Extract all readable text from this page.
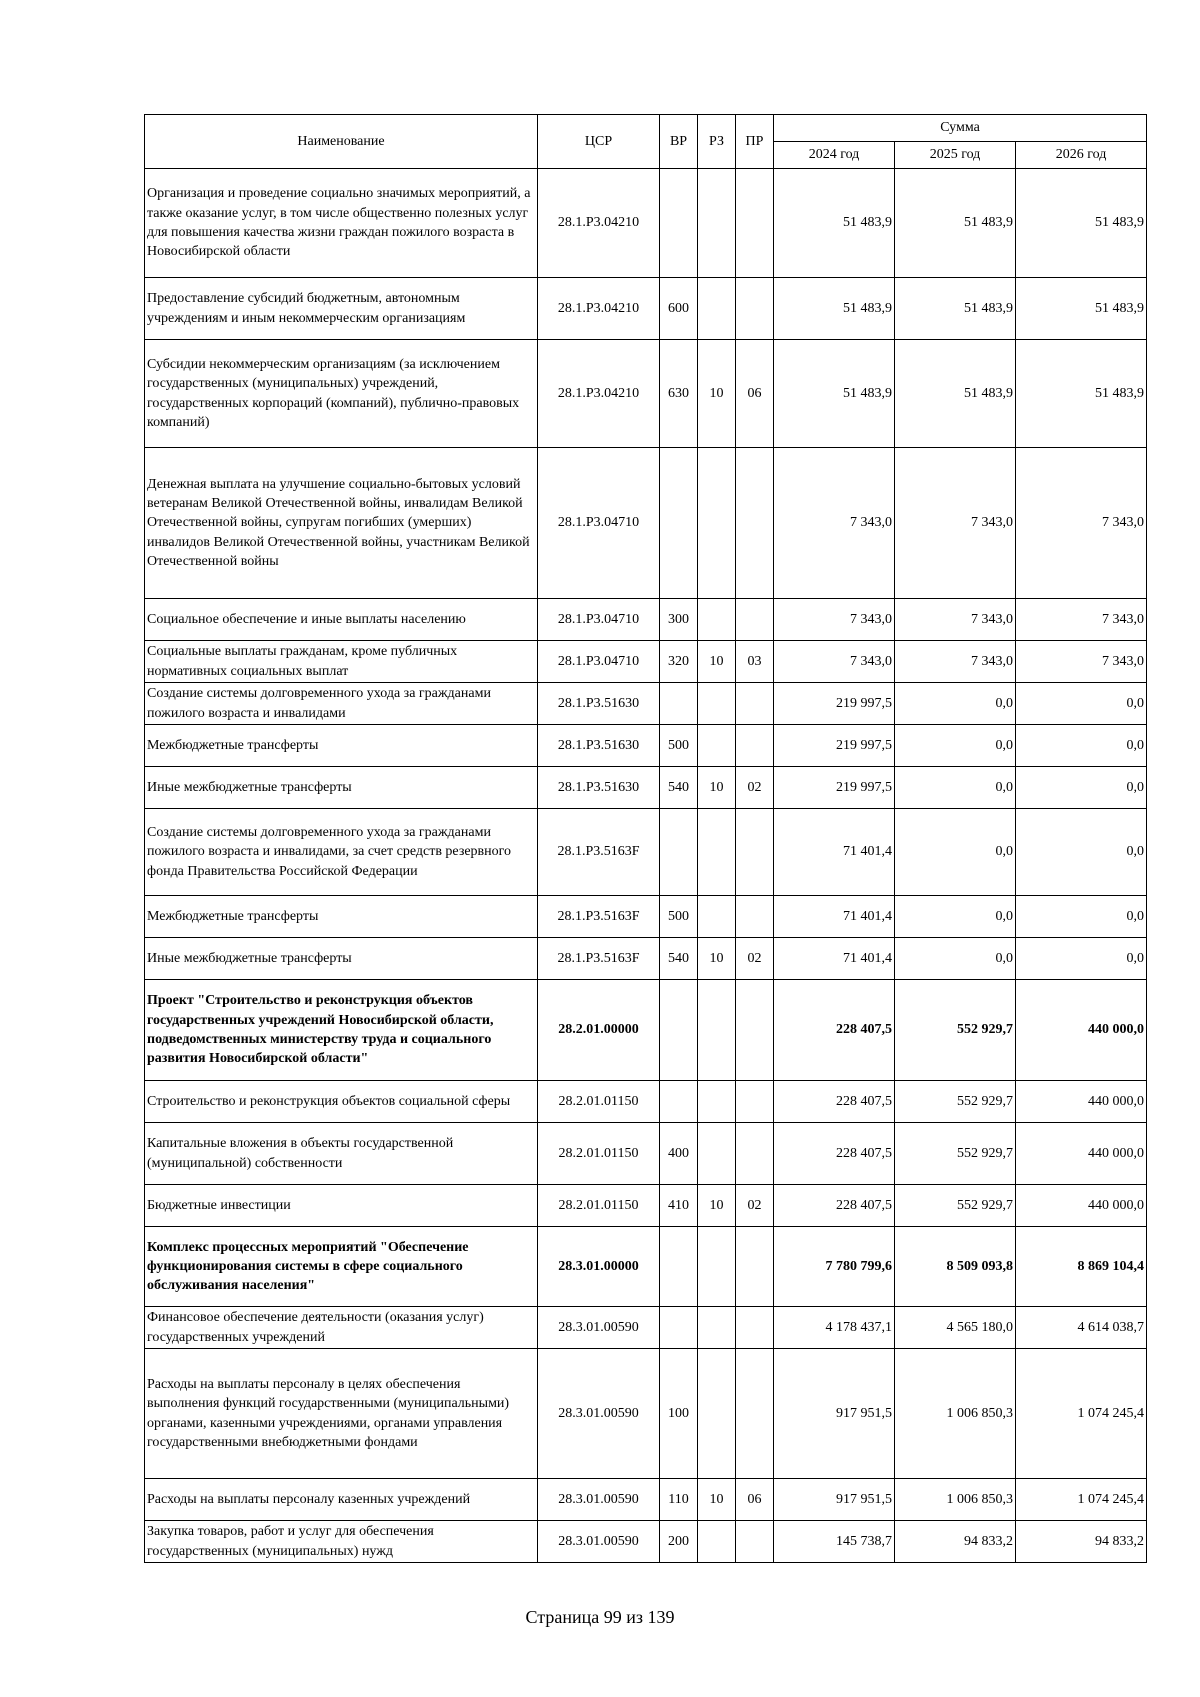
Наименование	ЦСР	ВР	РЗ	ПР	Сумма		
					2024 год	2025 год	2026 год
Организация и проведение социально значимых мероприятий, а также оказание услуг, в том числе общественно полезных услуг для повышения качества жизни граждан пожилого возраста в Новосибирской области	28.1.Р3.04210				51 483,9	51 483,9	51 483,9
Предоставление субсидий бюджетным, автономным учреждениям и иным некоммерческим организациям	28.1.Р3.04210	600			51 483,9	51 483,9	51 483,9
Субсидии некоммерческим организациям (за исключением государственных (муниципальных) учреждений, государственных корпораций (компаний), публично-правовых компаний)	28.1.Р3.04210	630	10	06	51 483,9	51 483,9	51 483,9
Денежная выплата на улучшение социально-бытовых условий ветеранам Великой Отечественной войны, инвалидам Великой Отечественной войны, супругам погибших (умерших) инвалидов Великой Отечественной войны, участникам Великой Отечественной войны	28.1.Р3.04710				7 343,0	7 343,0	7 343,0
Социальное обеспечение и иные выплаты населению	28.1.Р3.04710	300			7 343,0	7 343,0	7 343,0
Социальные выплаты гражданам, кроме публичных нормативных социальных выплат	28.1.Р3.04710	320	10	03	7 343,0	7 343,0	7 343,0
Создание системы долговременного ухода за гражданами пожилого возраста и инвалидами	28.1.Р3.51630				219 997,5	0,0	0,0
Межбюджетные трансферты	28.1.Р3.51630	500			219 997,5	0,0	0,0
Иные межбюджетные трансферты	28.1.Р3.51630	540	10	02	219 997,5	0,0	0,0
Создание системы долговременного ухода за гражданами пожилого возраста и инвалидами, за счет средств резервного фонда Правительства Российской Федерации	28.1.Р3.5163F				71 401,4	0,0	0,0
Межбюджетные трансферты	28.1.Р3.5163F	500			71 401,4	0,0	0,0
Иные межбюджетные трансферты	28.1.Р3.5163F	540	10	02	71 401,4	0,0	0,0
Проект "Строительство и реконструкция объектов государственных учреждений Новосибирской области, подведомственных министерству труда и социального развития Новосибирской области"	28.2.01.00000				228 407,5	552 929,7	440 000,0
Строительство и реконструкция объектов социальной сферы	28.2.01.01150				228 407,5	552 929,7	440 000,0
Капитальные вложения в объекты государственной (муниципальной) собственности	28.2.01.01150	400			228 407,5	552 929,7	440 000,0
Бюджетные инвестиции	28.2.01.01150	410	10	02	228 407,5	552 929,7	440 000,0
Комплекс процессных мероприятий "Обеспечение функционирования системы в сфере социального обслуживания населения"	28.3.01.00000				7 780 799,6	8 509 093,8	8 869 104,4
Финансовое обеспечение деятельности (оказания услуг) государственных учреждений	28.3.01.00590				4 178 437,1	4 565 180,0	4 614 038,7
Расходы на выплаты персоналу в целях обеспечения выполнения функций государственными (муниципальными) органами, казенными учреждениями, органами управления государственными внебюджетными фондами	28.3.01.00590	100			917 951,5	1 006 850,3	1 074 245,4
Расходы на выплаты персоналу казенных учреждений	28.3.01.00590	110	10	06	917 951,5	1 006 850,3	1 074 245,4
Закупка товаров, работ и услуг для обеспечения государственных (муниципальных) нужд	28.3.01.00590	200			145 738,7	94 833,2	94 833,2
Страница 99 из 139
